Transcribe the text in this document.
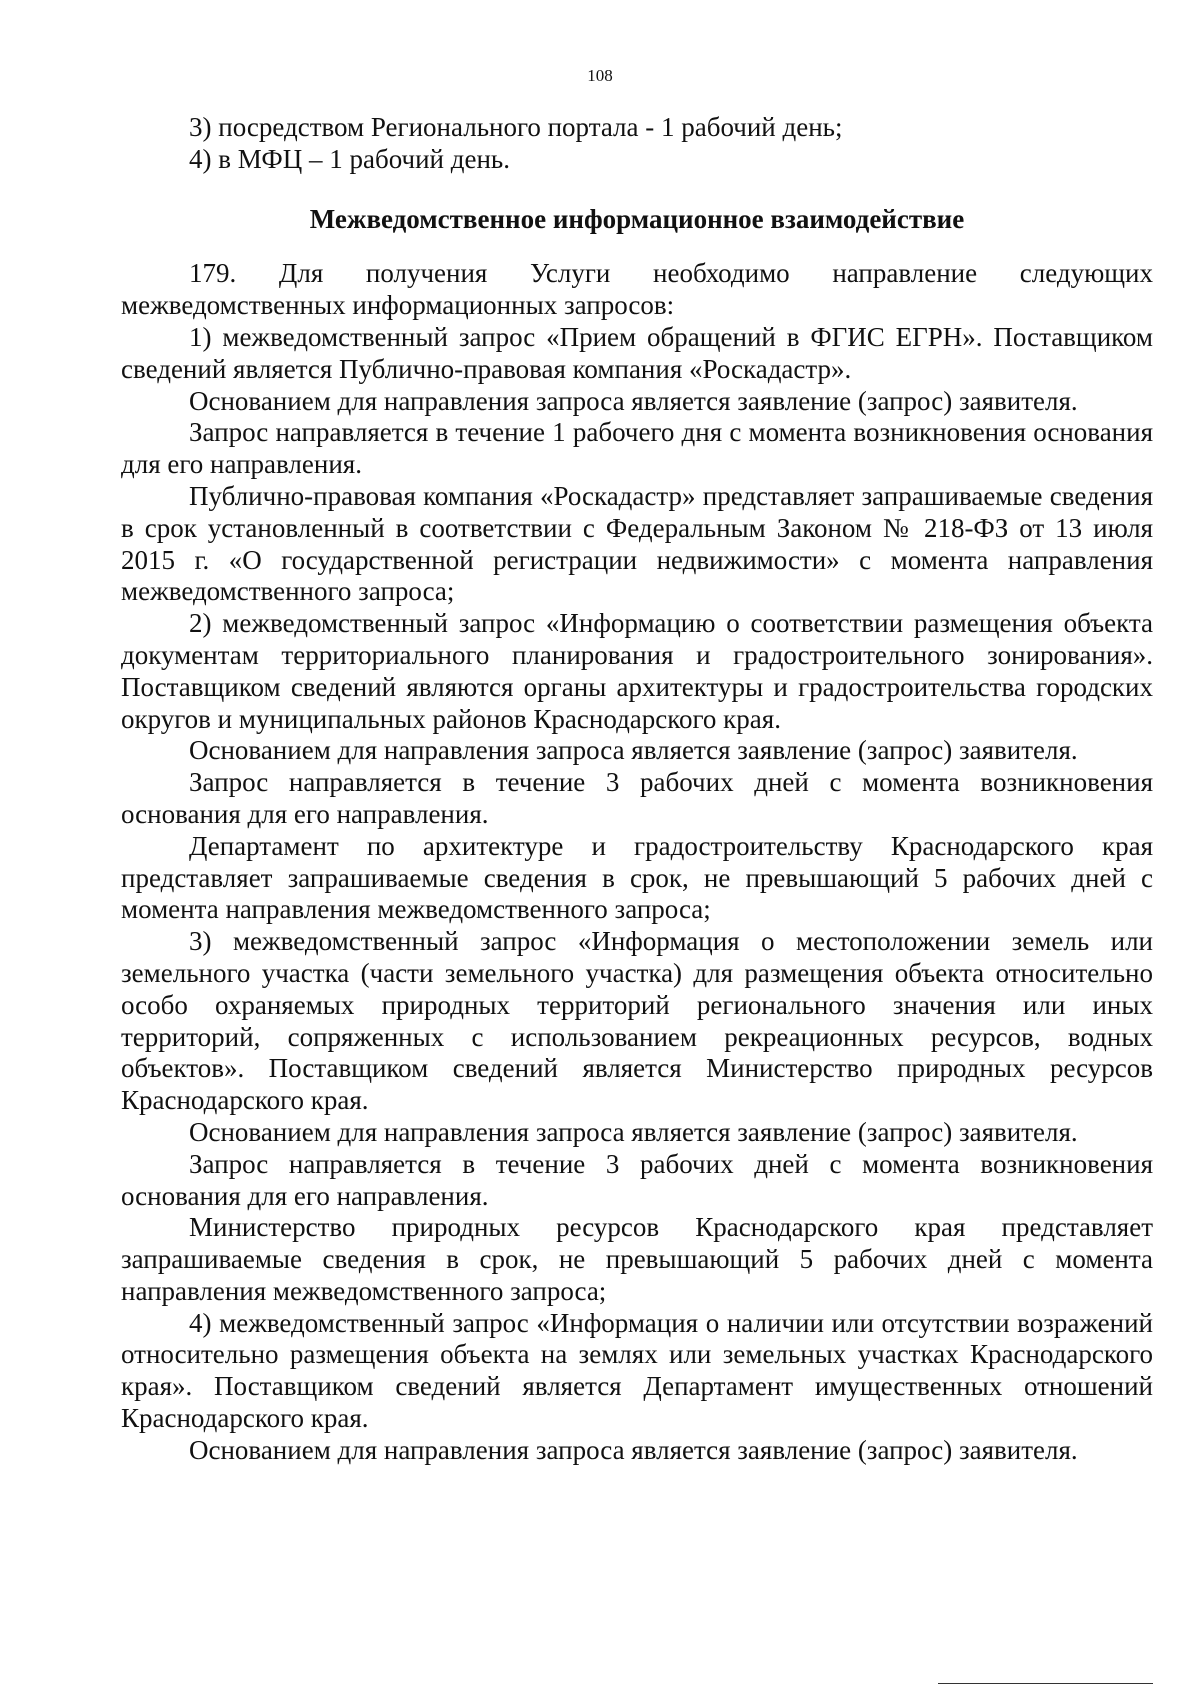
108

3) посредством Регионального портала - 1 рабочий день;

4) в МФЦ – 1 рабочий день.

Межведомственное информационное взаимодействие

179. Для получения Услуги необходимо направление следующих межведомственных информационных запросов:

1) межведомственный запрос «Прием обращений в ФГИС ЕГРН». Поставщиком сведений является Публично-правовая компания «Роскадастр».

Основанием для направления запроса является заявление (запрос) заявителя.

Запрос направляется в течение 1 рабочего дня с момента возникновения основания для его направления.

Публично-правовая компания «Роскадастр» представляет запрашиваемые сведения в срок установленный в соответствии с Федеральным Законом № 218-ФЗ от 13 июля 2015 г. «О государственной регистрации недвижимости» с момента направления межведомственного запроса;

2) межведомственный запрос «Информацию о соответствии размещения объекта документам территориального планирования и градостроительного зонирования». Поставщиком сведений являются органы архитектуры и градостроительства городских округов и муниципальных районов Краснодарского края.

Основанием для направления запроса является заявление (запрос) заявителя.

Запрос направляется в течение 3 рабочих дней с момента возникновения основания для его направления.

Департамент по архитектуре и градостроительству Краснодарского края представляет запрашиваемые сведения в срок, не превышающий 5 рабочих дней с момента направления межведомственного запроса;

3) межведомственный запрос «Информация о местоположении земель или земельного участка (части земельного участка) для размещения объекта относительно особо охраняемых природных территорий регионального значения или иных территорий, сопряженных с использованием рекреационных ресурсов, водных объектов». Поставщиком сведений является Министерство природных ресурсов Краснодарского края.

Основанием для направления запроса является заявление (запрос) заявителя.

Запрос направляется в течение 3 рабочих дней с момента возникновения основания для его направления.

Министерство природных ресурсов Краснодарского края представляет запрашиваемые сведения в срок, не превышающий 5 рабочих дней с момента направления межведомственного запроса;

4) межведомственный запрос «Информация о наличии или отсутствии возражений относительно размещения объекта на землях или земельных участках Краснодарского края». Поставщиком сведений является Департамент имущественных отношений Краснодарского края.

Основанием для направления запроса является заявление (запрос) заявителя.
